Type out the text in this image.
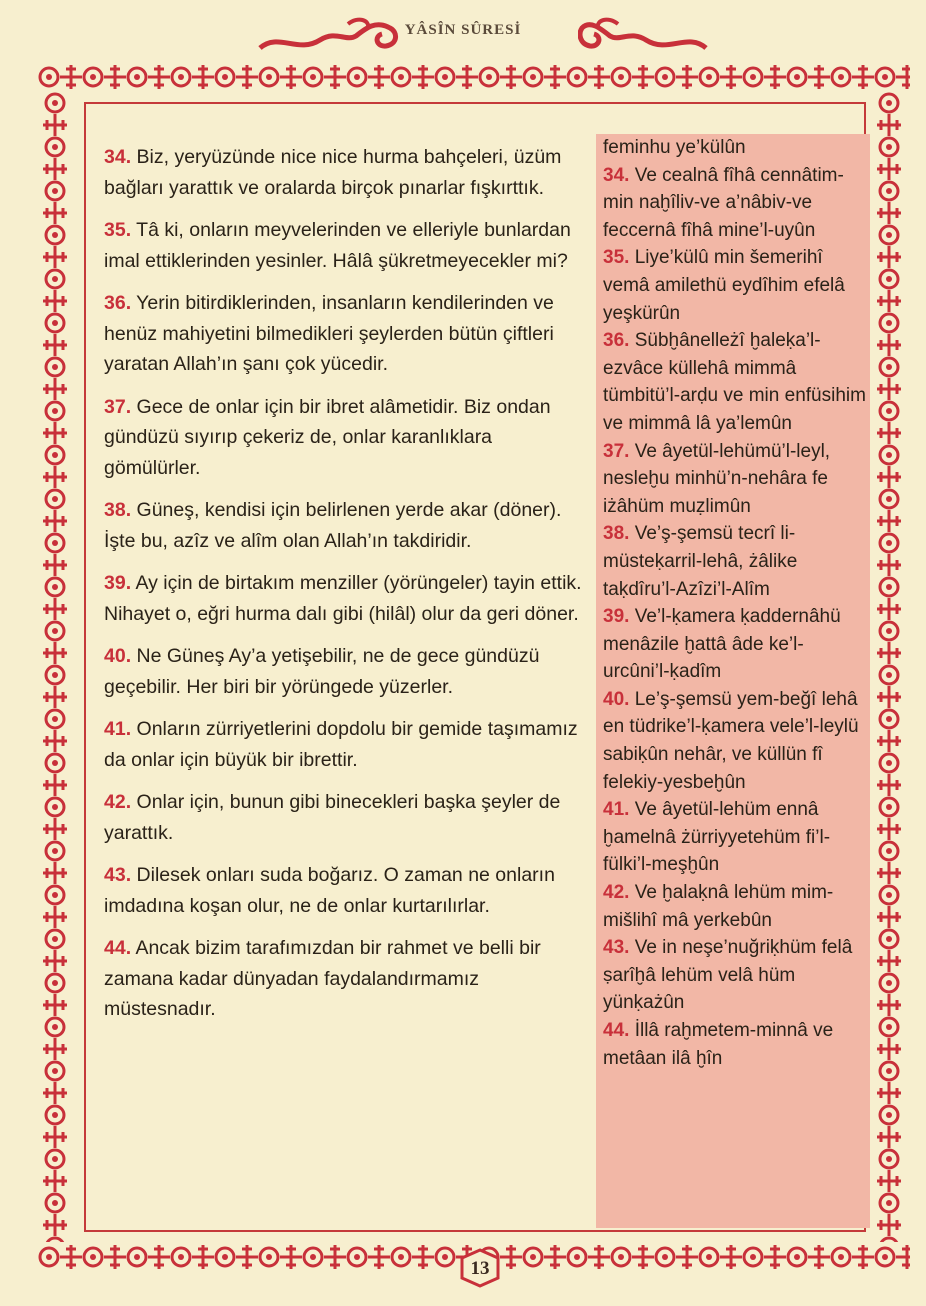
YÂSÎN SÛRESİ

34. Biz, yeryüzünde nice nice hurma bahçeleri, üzüm bağları yarattık ve oralarda birçok pınarlar fışkırttık.

35. Tâ ki, onların meyvelerinden ve elleriyle bunlardan imal ettiklerinden yesinler. Hâlâ şükretmeyecekler mi?

36. Yerin bitirdiklerinden, insanların kendilerinden ve henüz mahiyetini bilmedikleri şeylerden bütün çiftleri yaratan Allah’ın şanı çok yücedir.

37. Gece de onlar için bir ibret alâmetidir. Biz ondan gündüzü sıyırıp çekeriz de, onlar karanlıklara gömülürler.

38. Güneş, kendisi için belirlenen yerde akar (döner). İşte bu, azîz ve alîm olan Allah’ın takdiridir.

39. Ay için de birtakım menziller (yörüngeler) tayin ettik. Nihayet o, eğri hurma dalı gibi (hilâl) olur da geri döner.

40. Ne Güneş Ay’a yetişebilir, ne de gece gündüzü geçebilir. Her biri bir yörüngede yüzerler.

41. Onların zürriyetlerini dopdolu bir gemide taşımamız da onlar için büyük bir ibrettir.

42. Onlar için, bunun gibi binecekleri başka şeyler de yarattık.

43. Dilesek onları suda boğarız. O zaman ne onların imdadına koşan olur, ne de onlar kurtarılırlar.

44. Ancak bizim tarafımızdan bir rahmet ve belli bir zamana kadar dünyadan faydalandırmamız müstesnadır.

feminhu ye’külûn

34. Ve cealnâ fîhâ cennâtim-min naḫîliv-ve a’nâbiv-ve feccernâ fîhâ mine’l-uyûn

35. Liye’külû min šemerihî vemâ amilethü eydîhim efelâ yeşkürûn

36. Sübḫânelleżî ḫaleḳa’l-ezvâce küllehâ mimmâ tümbitü’l-arḍu ve min enfüsihim ve mimmâ lâ ya’lemûn

37. Ve âyetül-lehümü’l-leyl, nesleḫu minhü’n-nehâra fe iżâhüm muẓlimûn

38. Ve’ş-şemsü tecrî li-müsteḳarril-lehâ, żâlike taḳdîru’l-Azîzi’l-Alîm

39. Ve’l-ḳamera ḳaddernâhü menâzile ḫattâ âde ke’l-urcûni’l-ḳadîm

40. Le’ş-şemsü yem-beğî lehâ en tüdrike’l-ḳamera vele’l-leylü sabiḳûn nehâr, ve küllün fî felekiy-yesbeḫûn

41. Ve âyetül-lehüm ennâ ḫamelnâ żürriyyetehüm fi’l-fülki’l-meşḫûn

42. Ve ḫalaḳnâ lehüm mim-mišlihî mâ yerkebûn

43. Ve in neşe’nuğriḳhüm felâ ṣarîḫâ lehüm velâ hüm yünḳażûn

44. İllâ raḫmetem-minnâ ve metâan ilâ ḫîn

13
